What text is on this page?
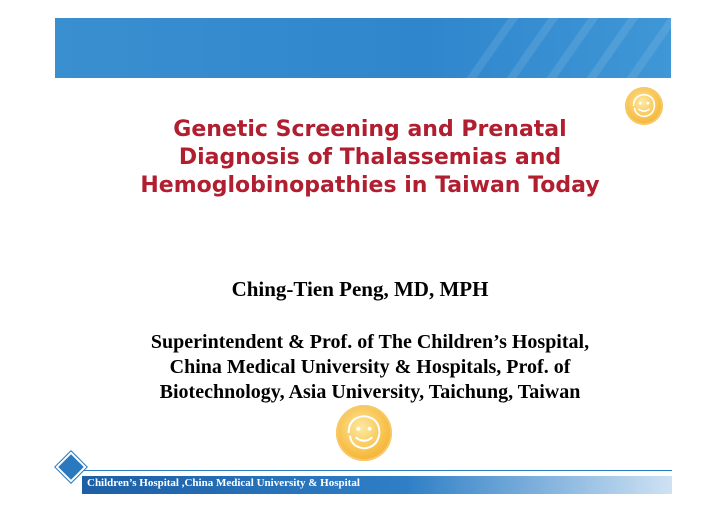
Genetic Screening and Prenatal
Diagnosis of Thalassemias and
Hemoglobinopathies in Taiwan Today
Ching-Tien Peng, MD, MPH
Superintendent & Prof. of The Children’s Hospital,
China Medical University & Hospitals, Prof. of
Biotechnology, Asia University, Taichung, Taiwan
Children’s Hospital ,China Medical University & Hospital
